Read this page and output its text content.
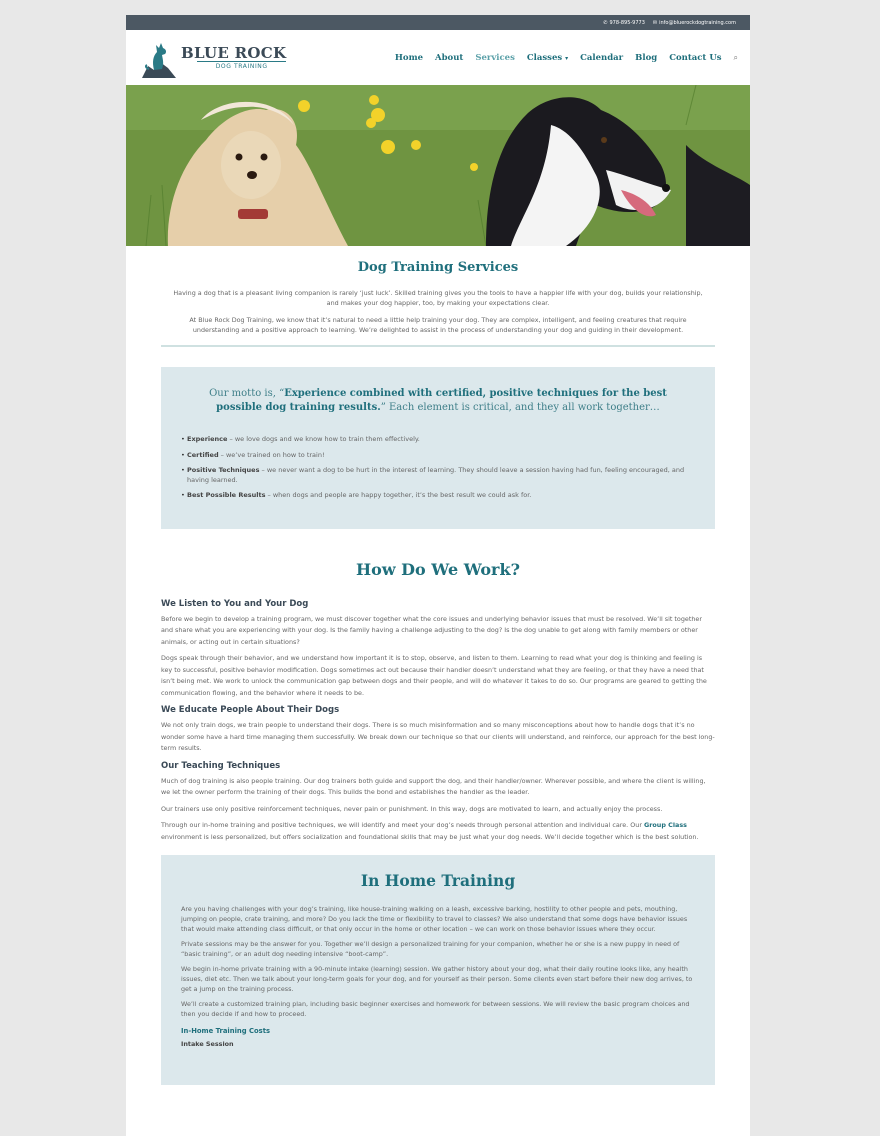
✆ 978-895-9773 ✉ info@bluerockdogtraining.com
BLUE ROCK
DOG TRAINING
Home About Services Classes ▾ Calendar Blog Contact Us ⌕
Dog Training Services

Having a dog that is a pleasant living companion is rarely ‘just luck’. Skilled training gives you the tools to have a happier life with your dog, builds your relationship, and makes your dog happier, too, by making your expectations clear.

At Blue Rock Dog Training, we know that it’s natural to need a little help training your dog. They are complex, intelligent, and feeling creatures that require understanding and a positive approach to learning. We’re delighted to assist in the process of understanding your dog and guiding in their development.

Our motto is, “Experience combined with certified, positive techniques for the best possible dog training results.” Each element is critical, and they all work together…

• Experience – we love dogs and we know how to train them effectively.
• Certified – we’ve trained on how to train!
• Positive Techniques – we never want a dog to be hurt in the interest of learning. They should leave a session having had fun, feeling encouraged, and having learned.
• Best Possible Results – when dogs and people are happy together, it’s the best result we could ask for.
How Do We Work?
We Listen to You and Your Dog

Before we begin to develop a training program, we must discover together what the core issues and underlying behavior issues that must be resolved. We’ll sit together and share what you are experiencing with your dog. Is the family having a challenge adjusting to the dog? Is the dog unable to get along with family members or other animals, or acting out in certain situations?

Dogs speak through their behavior, and we understand how important it is to stop, observe, and listen to them. Learning to read what your dog is thinking and feeling is key to successful, positive behavior modification. Dogs sometimes act out because their handler doesn’t understand what they are feeling, or that they have a need that isn’t being met. We work to unlock the communication gap between dogs and their people, and will do whatever it takes to do so. Our programs are geared to getting the communication flowing, and the behavior where it needs to be.

We Educate People About Their Dogs

We not only train dogs, we train people to understand their dogs. There is so much misinformation and so many misconceptions about how to handle dogs that it’s no wonder some have a hard time managing them successfully. We break down our technique so that our clients will understand, and reinforce, our approach for the best long-term results.

Our Teaching Techniques

Much of dog training is also people training. Our dog trainers both guide and support the dog, and their handler/owner. Wherever possible, and where the client is willing, we let the owner perform the training of their dogs. This builds the bond and establishes the handler as the leader.

Our trainers use only positive reinforcement techniques, never pain or punishment. In this way, dogs are motivated to learn, and actually enjoy the process.

Through our in-home training and positive techniques, we will identify and meet your dog’s needs through personal attention and individual care. Our Group Class environment is less personalized, but offers socialization and foundational skills that may be just what your dog needs. We’ll decide together which is the best solution.

In Home Training

Are you having challenges with your dog’s training, like house-training walking on a leash, excessive barking, hostility to other people and pets, mouthing, jumping on people, crate training, and more? Do you lack the time or flexibility to travel to classes? We also understand that some dogs have behavior issues that would make attending class difficult, or that only occur in the home or other location – we can work on those behavior issues where they occur.

Private sessions may be the answer for you. Together we’ll design a personalized training for your companion, whether he or she is a new puppy in need of “basic training”, or an adult dog needing intensive “boot-camp”.

We begin in-home private training with a 90-minute intake (learning) session. We gather history about your dog, what their daily routine looks like, any health issues, diet etc. Then we talk about your long-term goals for your dog, and for yourself as their person. Some clients even start before their new dog arrives, to get a jump on the training process.

We’ll create a customized training plan, including basic beginner exercises and homework for between sessions. We will review the basic program choices and then you decide if and how to proceed.

In-Home Training Costs
Intake Session
